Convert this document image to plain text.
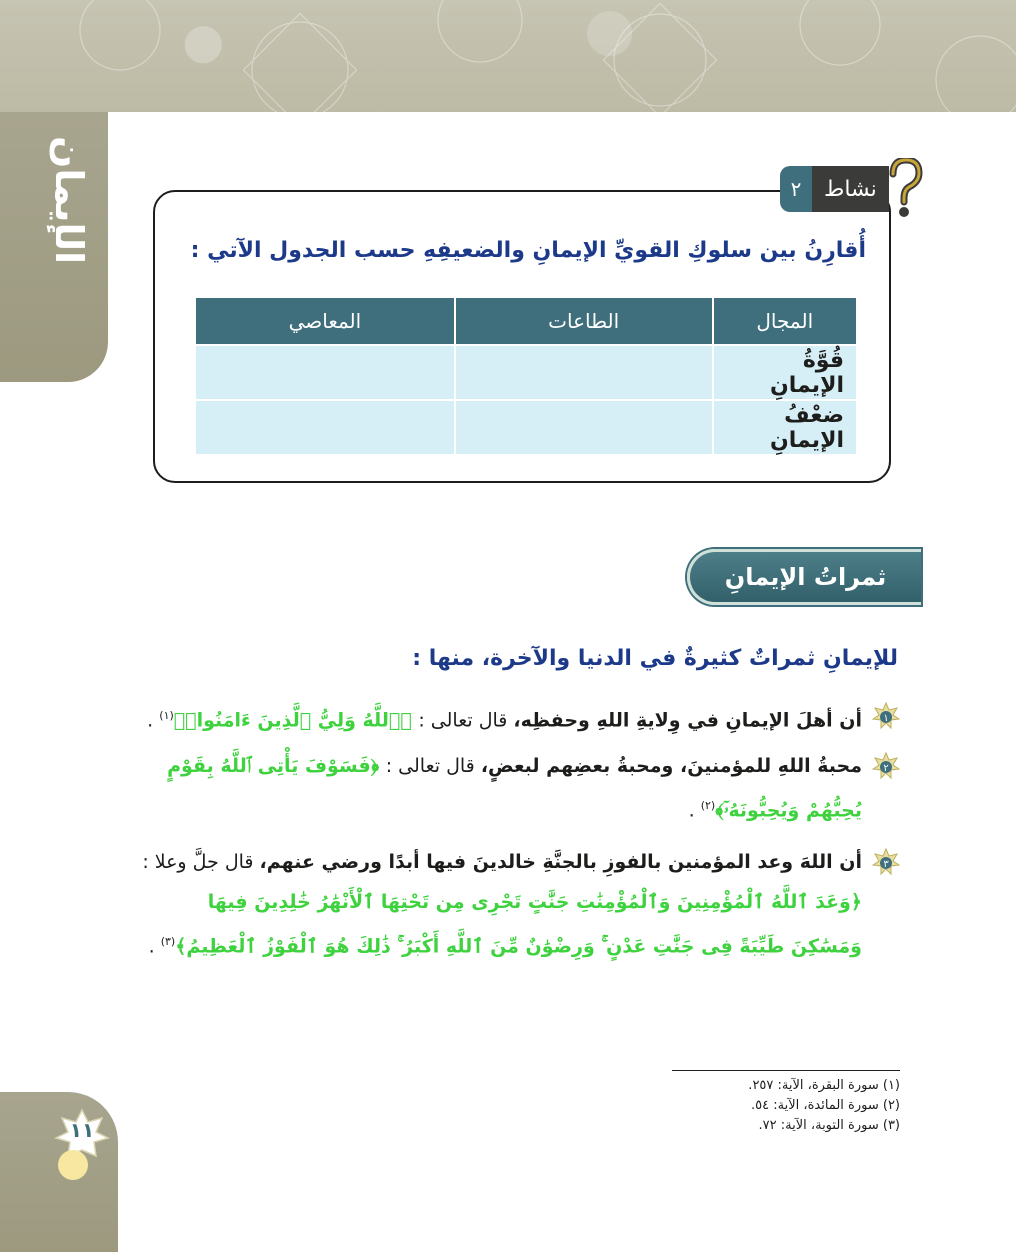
الإيمان	٢	نشاط
أُقارِنُ بين سلوكِ القويِّ الإيمانِ والضعيفِهِ حسب الجدول الآتي :
المجال	الطاعات	المعاصي
قُوَّةُ الإيمانِ		
ضعْفُ الإيمانِ		
ثمراتُ الإيمانِ
للإيمانِ ثمراتٌ كثيرةٌ في الدنيا والآخرة، منها :
١
أن أهلَ الإيمانِ في وِلايةِ اللهِ وحفظِه، قال تعالى : ﴿ٱللَّهُ وَلِيُّ ٱلَّذِينَ ءَامَنُوا۟﴾$^{(١)}$ .
٢
محبةُ اللهِ للمؤمنينَ، ومحبةُ بعضِهم لبعضٍ، قال تعالى : ﴿فَسَوْفَ يَأْتِى ٱللَّهُ بِقَوْمٍ يُحِبُّهُمْ وَيُحِبُّونَهُۥٓ﴾$^{(٢)}$ .
٣
أن اللهَ وعد المؤمنين بالفوزِ بالجنَّةِ خالدينَ فيها أبدًا ورضي عنهم، قال جلَّ وعلا : ﴿وَعَدَ ٱللَّهُ ٱلْمُؤْمِنِينَ وَٱلْمُؤْمِنَٰتِ جَنَّٰتٍ تَجْرِى مِن تَحْتِهَا ٱلْأَنْهَٰرُ خَٰلِدِينَ فِيهَا وَمَسَٰكِنَ طَيِّبَةً فِى جَنَّٰتِ عَدْنٍ ۚ وَرِضْوَٰنٌ مِّنَ ٱللَّهِ أَكْبَرُ ۚ ذَٰلِكَ هُوَ ٱلْفَوْزُ ٱلْعَظِيمُ﴾$^{(٣)}$ .
(١) سورة البقرة، الآية: ٢٥٧.
(٢) سورة المائدة، الآية: ٥٤.
(٣) سورة التوبة، الآية: ٧٢.
١١
